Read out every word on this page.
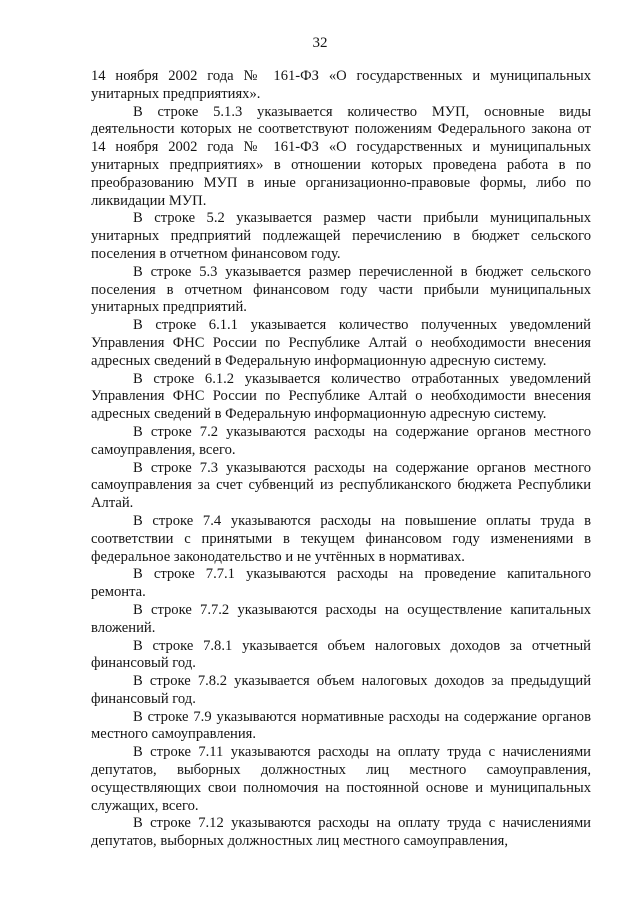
32

14 ноября 2002 года № 161-ФЗ «О государственных и муниципальных унитарных предприятиях».

В строке 5.1.3 указывается количество МУП, основные виды деятельности которых не соответствуют положениям Федерального закона от 14 ноября 2002 года № 161-ФЗ «О государственных и муниципальных унитарных предприятиях» в отношении которых проведена работа в по преобразованию МУП в иные организационно-правовые формы, либо по ликвидации МУП.

В строке 5.2 указывается размер части прибыли муниципальных унитарных предприятий подлежащей перечислению в бюджет сельского поселения в отчетном финансовом году.

В строке 5.3 указывается размер перечисленной в бюджет сельского поселения в отчетном финансовом году части прибыли муниципальных унитарных предприятий.

В строке 6.1.1 указывается количество полученных уведомлений Управления ФНС России по Республике Алтай о необходимости внесения адресных сведений в Федеральную информационную адресную систему.

В строке 6.1.2 указывается количество отработанных уведомлений Управления ФНС России по Республике Алтай о необходимости внесения адресных сведений в Федеральную информационную адресную систему.

В строке 7.2 указываются расходы на содержание органов местного самоуправления, всего.

В строке 7.3 указываются расходы на содержание органов местного самоуправления за счет субвенций из республиканского бюджета Республики Алтай.

В строке 7.4 указываются расходы на повышение оплаты труда в соответствии с принятыми в текущем финансовом году изменениями в федеральное законодательство и не учтённых в нормативах.

В строке 7.7.1 указываются расходы на проведение капитального ремонта.

В строке 7.7.2 указываются расходы на осуществление капитальных вложений.

В строке 7.8.1 указывается объем налоговых доходов за отчетный финансовый год.

В строке 7.8.2 указывается объем налоговых доходов за предыдущий финансовый год.

В строке 7.9 указываются нормативные расходы на содержание органов местного самоуправления.

В строке 7.11 указываются расходы на оплату труда с начислениями депутатов, выборных должностных лиц местного самоуправления, осуществляющих свои полномочия на постоянной основе и муниципальных служащих, всего.

В строке 7.12 указываются расходы на оплату труда с начислениями депутатов, выборных должностных лиц местного самоуправления,
